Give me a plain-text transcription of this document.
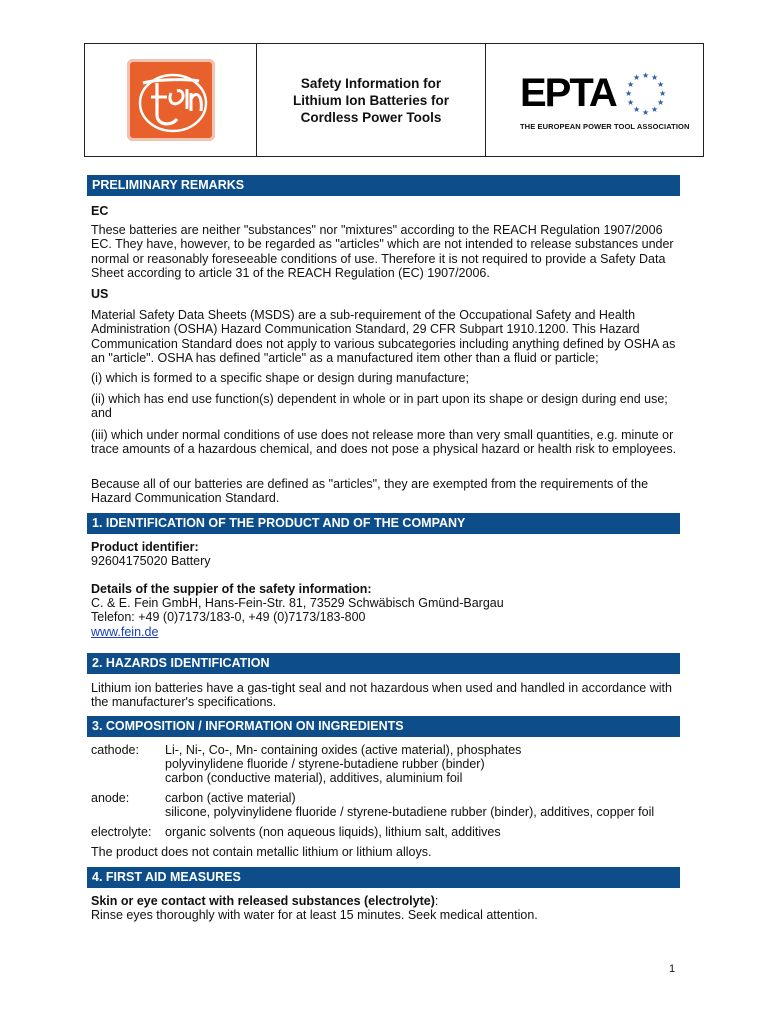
Safety Information for
Lithium Ion Batteries for
Cordless Power Tools
EPTA	★ ★
★
★
★
★
★
★
★
★
★
★
THE EUROPEAN POWER TOOL ASSOCIATION
PRELIMINARY REMARKS
EC
These batteries are neither "substances" nor "mixtures" according to the REACH Regulation 1907/2006 EC. They have, however, to be regarded as "articles" which are not intended to release substances under normal or reasonably foreseeable conditions of use. Therefore it is not required to provide a Safety Data Sheet according to article 31 of the REACH Regulation (EC) 1907/2006.
US
Material Safety Data Sheets (MSDS) are a sub-requirement of the Occupational Safety and Health Administration (OSHA) Hazard Communication Standard, 29 CFR Subpart 1910.1200. This Hazard Communication Standard does not apply to various subcategories including anything defined by OSHA as an "article". OSHA has defined "article" as a manufactured item other than a fluid or particle;
(i) which is formed to a specific shape or design during manufacture;
(ii) which has end use function(s) dependent in whole or in part upon its shape or design during end use; and
(iii) which under normal conditions of use does not release more than very small quantities, e.g. minute or trace amounts of a hazardous chemical, and does not pose a physical hazard or health risk to employees.
Because all of our batteries are defined as "articles", they are exempted from the requirements of the Hazard Communication Standard.
1. IDENTIFICATION OF THE PRODUCT AND OF THE COMPANY
Product identifier:
92604175020 Battery
Details of the suppier of the safety information:
C. & E. Fein GmbH, Hans-Fein-Str. 81, 73529 Schwäbisch Gmünd-Bargau
Telefon: +49 (0)7173/183-0, +49 (0)7173/183-800
www.fein.de
2. HAZARDS IDENTIFICATION
Lithium ion batteries have a gas-tight seal and not hazardous when used and handled in accordance with the manufacturer's specifications.
3. COMPOSITION / INFORMATION ON INGREDIENTS
cathode:	Li-, Ni-, Co-, Mn- containing oxides (active material), phosphates
polyvinylidene fluoride / styrene-butadiene rubber (binder)
carbon (conductive material), additives, aluminium foil
anode:	carbon (active material)
silicone, polyvinylidene fluoride / styrene-butadiene rubber (binder), additives, copper foil
electrolyte:	organic solvents (non aqueous liquids), lithium salt, additives
The product does not contain metallic lithium or lithium alloys.
4. FIRST AID MEASURES
Skin or eye contact with released substances (electrolyte):
Rinse eyes thoroughly with water for at least 15 minutes. Seek medical attention.
1
